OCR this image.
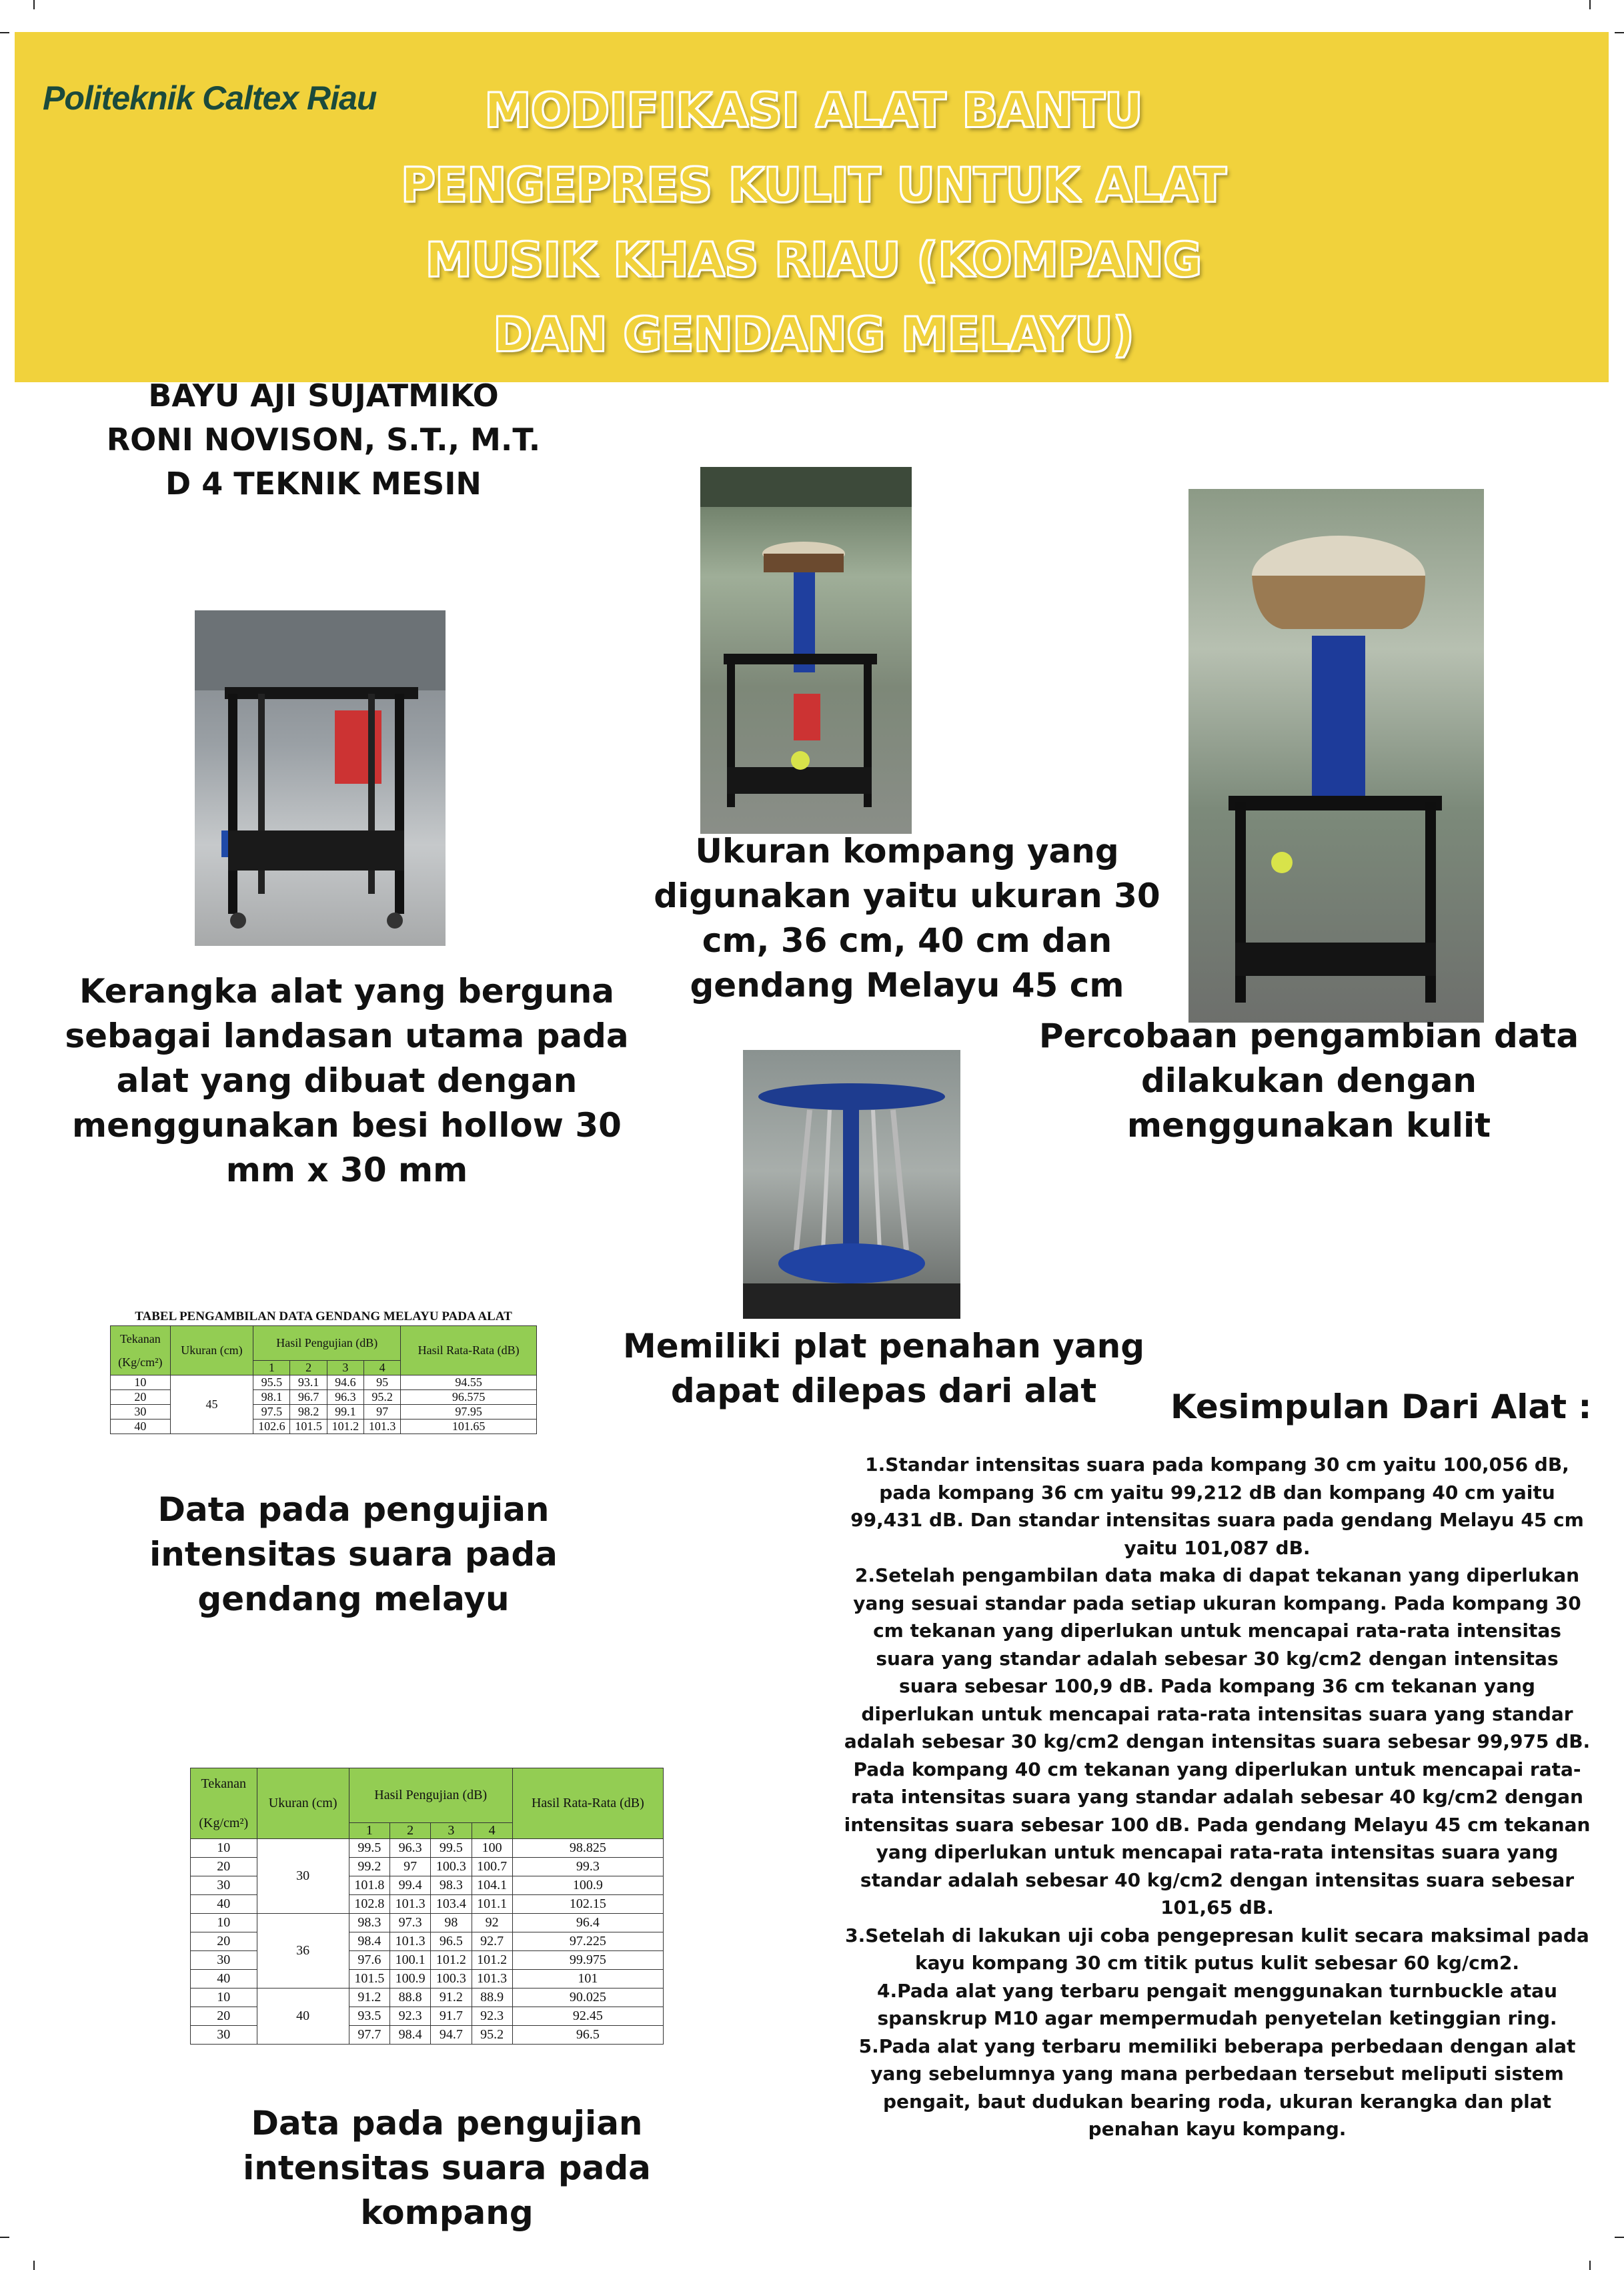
Politeknik Caltex Riau	MODIFIKASI ALAT BANTU
PENGEPRES KULIT UNTUK ALAT
MUSIK KHAS RIAU (KOMPANG
DAN GENDANG MELAYU)
BAYU AJI SUJATMIKO
RONI NOVISON, S.T., M.T.
D 4 TEKNIK MESIN
Kerangka alat yang berguna
sebagai landasan utama pada
alat yang dibuat dengan
menggunakan besi hollow 30
mm x 30 mm
Ukuran kompang yang
digunakan yaitu ukuran 30
cm, 36 cm, 40 cm dan
gendang Melayu 45 cm
Percobaan pengambian data
dilakukan dengan
menggunakan kulit
Memiliki plat penahan yang
dapat dilepas dari alat
TABEL PENGAMBILAN DATA GENDANG MELAYU PADA ALAT
Tekanan
(Kg/cm²)	Ukuran (cm)	Hasil Pengujian (dB)				Hasil Rata-Rata (dB)
		1	2	3	4	
10	45	95.5	93.1	94.6	95	94.55
20		98.1	96.7	96.3	95.2	96.575
30		97.5	98.2	99.1	97	97.95
40		102.6	101.5	101.2	101.3	101.65
Data pada pengujian
intensitas suara pada
gendang melayu
Tekanan
(Kg/cm²)	Ukuran (cm)	Hasil Pengujian (dB)				Hasil Rata-Rata (dB)
		1	2	3	4	
10	30	99.5	96.3	99.5	100	98.825
20		99.2	97	100.3	100.7	99.3
30		101.8	99.4	98.3	104.1	100.9
40		102.8	101.3	103.4	101.1	102.15
10	36	98.3	97.3	98	92	96.4
20		98.4	101.3	96.5	92.7	97.225
30		97.6	100.1	101.2	101.2	99.975
40		101.5	100.9	100.3	101.3	101
10	40	91.2	88.8	91.2	88.9	90.025
20		93.5	92.3	91.7	92.3	92.45
30		97.7	98.4	94.7	95.2	96.5
Data pada pengujian
intensitas suara pada
kompang
Kesimpulan Dari Alat :

1.Standar intensitas suara pada kompang 30 cm yaitu 100,056 dB, pada kompang 36 cm yaitu 99,212 dB dan kompang 40 cm yaitu 99,431 dB. Dan standar intensitas suara pada gendang Melayu 45 cm yaitu 101,087 dB.

2.Setelah pengambilan data maka di dapat tekanan yang diperlukan yang sesuai standar pada setiap ukuran kompang. Pada kompang 30 cm tekanan yang diperlukan untuk mencapai rata-rata intensitas suara yang standar adalah sebesar 30 kg/cm2 dengan intensitas suara sebesar 100,9 dB. Pada kompang 36 cm tekanan yang diperlukan untuk mencapai rata-rata intensitas suara yang standar adalah sebesar 30 kg/cm2 dengan intensitas suara sebesar 99,975 dB. Pada kompang 40 cm tekanan yang diperlukan untuk mencapai rata-rata intensitas suara yang standar adalah sebesar 40 kg/cm2 dengan intensitas suara sebesar 100 dB. Pada gendang Melayu 45 cm tekanan yang diperlukan untuk mencapai rata-rata intensitas suara yang standar adalah sebesar 40 kg/cm2 dengan intensitas suara sebesar 101,65 dB.

3.Setelah di lakukan uji coba pengepresan kulit secara maksimal pada kayu kompang 30 cm titik putus kulit sebesar 60 kg/cm2.

4.Pada alat yang terbaru pengait menggunakan turnbuckle atau spanskrup M10 agar mempermudah penyetelan ketinggian ring.

5.Pada alat yang terbaru memiliki beberapa perbedaan dengan alat yang sebelumnya yang mana perbedaan tersebut meliputi sistem pengait, baut dudukan bearing roda, ukuran kerangka dan plat penahan kayu kompang.
